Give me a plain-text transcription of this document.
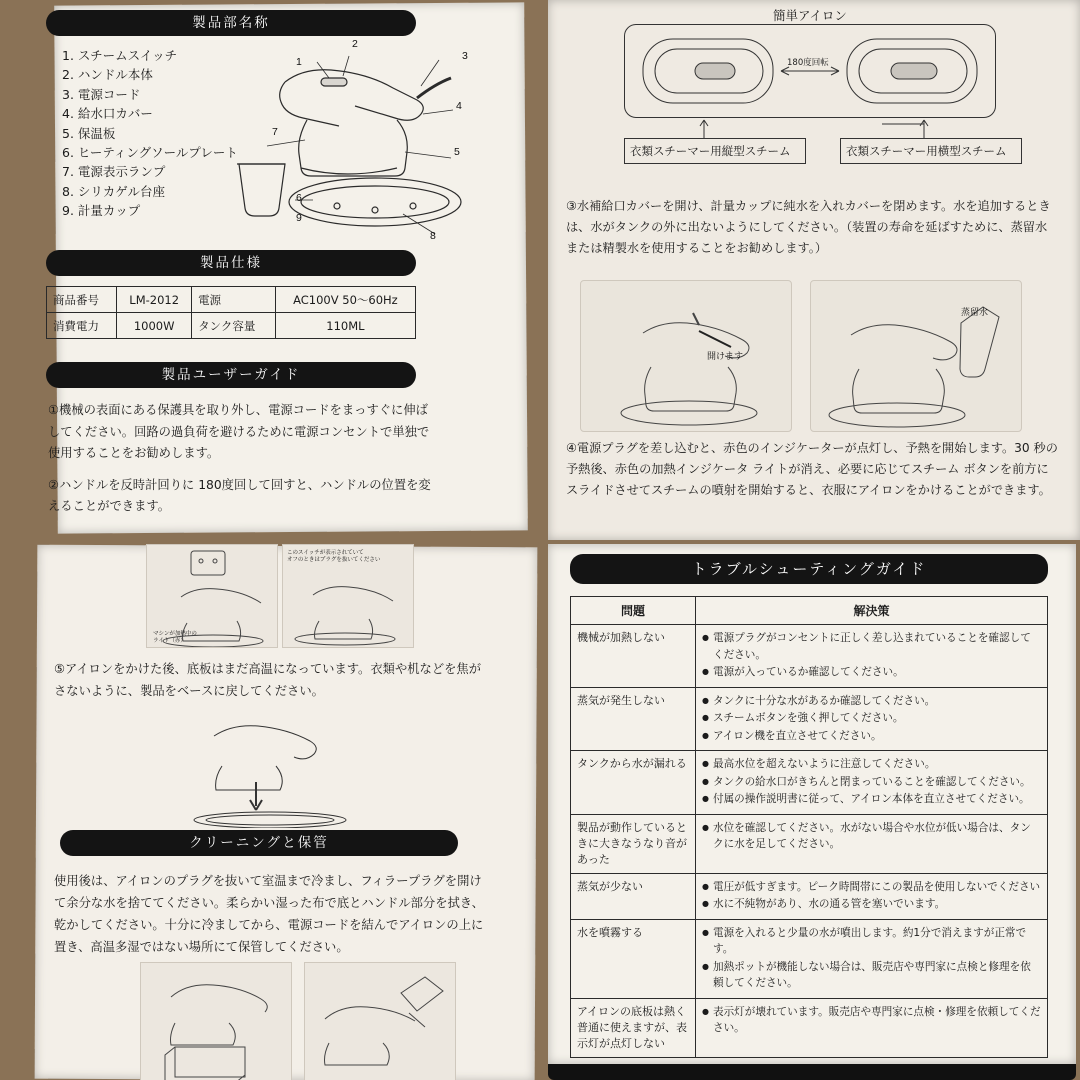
製品部名称
1. スチームスイッチ
2. ハンドル本体
3. 電源コード
4. 給水口カバー
5. 保温板
6. ヒーティングソールプレート
7. 電源表示ランプ
8. シリカゲル台座
9. 計量カップ
1
2
3
4
5
6
7
8
9
製品仕様
商品番号	LM-2012	電源	AC100V 50～60Hz
消費電力	1000W	タンク容量	110ML
製品ユーザーガイド

①機械の表面にある保護具を取り外し、電源コードをまっすぐに伸ばしてください。回路の過負荷を避けるために電源コンセントで単独で使用することをお勧めします。

②ハンドルを反時計回りに 180度回して回すと、ハンドルの位置を変えることができます。

簡単アイロン
180度回転
衣類スチーマー用縦型スチーム	衣類スチーマー用横型スチーム
③水補給口カバーを開け、計量カップに純水を入れカバーを閉めます。水を追加するときは、水がタンクの外に出ないようにしてください。（装置の寿命を延ばすために、蒸留水または精製水を使用することをお勧めします。）
開けます
蒸留水
④電源プラグを差し込むと、赤色のインジケーターが点灯し、予熱を開始します。30 秒の予熱後、赤色の加熱インジケータ ライトが消え、必要に応じてスチーム ボタンを前方にスライドさせてスチームの噴射を開始すると、衣服にアイロンをかけることができます。
マシンが加熱中の
ライト（赤）
このスイッチが表示されていて
オフのときはプラグを抜いてください
⑤アイロンをかけた後、底板はまだ高温になっています。衣類や机などを焦がさないように、製品をベースに戻してください。
クリーニングと保管
使用後は、アイロンのプラグを抜いて室温まで冷まし、フィラープラグを開けて余分な水を捨ててください。柔らかい湿った布で底とハンドル部分を拭き、乾かしてください。十分に冷ましてから、電源コードを結んでアイロンの上に置き、高温多湿ではない場所にて保管してください。
トラブルシューティングガイド
問題	解決策
機械が加熱しない	
●電源プラグがコンセントに正しく差し込まれていることを確認してください。
● 電源が入っているか確認してください。

蒸気が発生しない	
●タンクに十分な水があるか確認してください。
● スチームボタンを強く押してください。
● アイロン機を直立させてください。

タンクから水が漏れる	
●最高水位を超えないように注意してください。
● タンクの給水口がきちんと閉まっていることを確認してください。
● 付属の操作説明書に従って、アイロン本体を直立させてください。

製品が動作しているときに大きなうなり音があった	
● 水位を確認してください。水がない場合や水位が低い場合は、タンクに水を足してください。

蒸気が少ない	
●電圧が低すぎます。ピーク時間帯にこの製品を使用しないでください
● 水に不純物があり、水の通る管を塞いでいます。

水を噴霧する	
●電源を入れると少量の水が噴出します。約1分で消えますが正常です。
● 加熱ポットが機能しない場合は、販売店や専門家に点検と修理を依頼してください。

アイロンの底板は熱く普通に使えますが、表示灯が点灯しない	
● 表示灯が壊れています。販売店や専門家に点検・修理を依頼してください。
